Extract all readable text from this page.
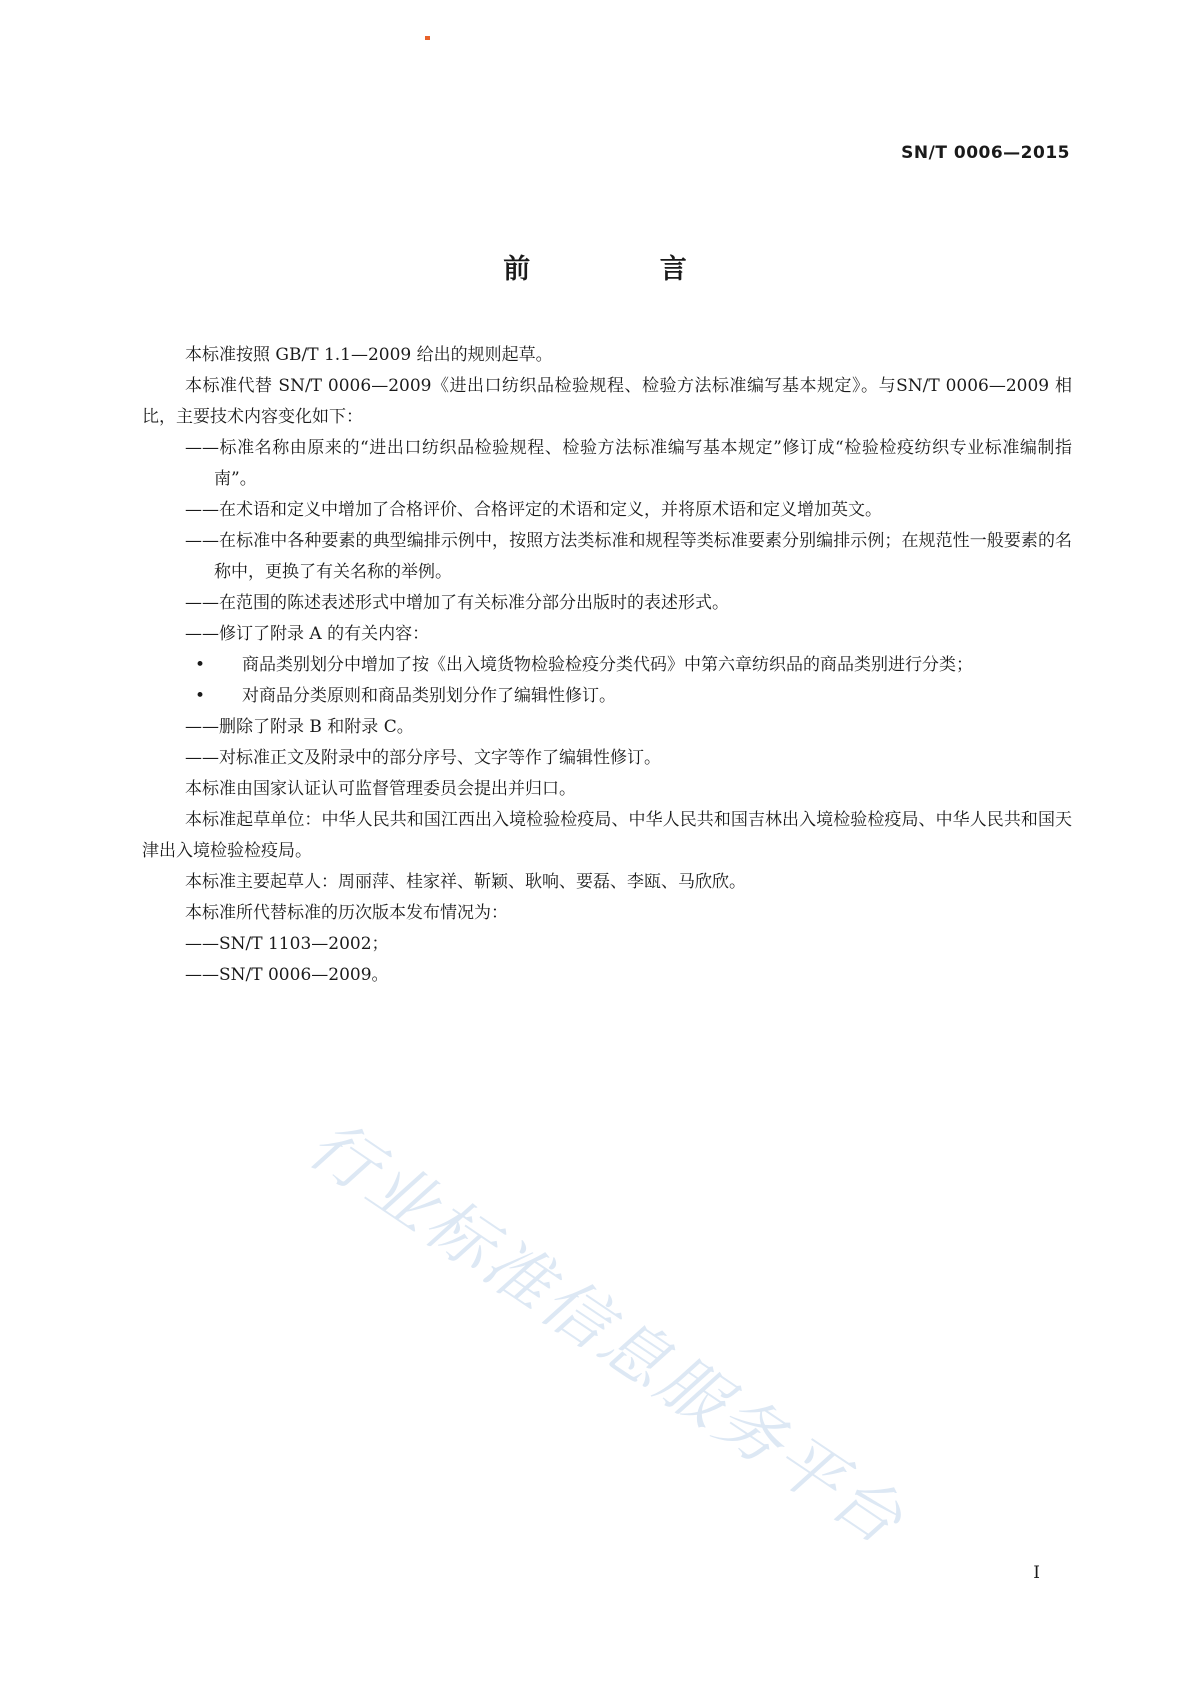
SN/T 0006—2015

前 言

本标准按照 GB/T 1.1—2009 给出的规则起草。

本标准代替 SN/T 0006—2009《进出口纺织品检验规程、检验方法标准编写基本规定》。与SN/T 0006—2009 相比，主要技术内容变化如下：

——标准名称由原来的“进出口纺织品检验规程、检验方法标准编写基本规定”修订成“检验检疫纺织专业标准编制指南”。

——在术语和定义中增加了合格评价、合格评定的术语和定义，并将原术语和定义增加英文。

——在标准中各种要素的典型编排示例中，按照方法类标准和规程等类标准要素分别编排示例；在规范性一般要素的名称中，更换了有关名称的举例。

——在范围的陈述表述形式中增加了有关标准分部分出版时的表述形式。

——修订了附录 A 的有关内容：

• 商品类别划分中增加了按《出入境货物检验检疫分类代码》中第六章纺织品的商品类别进行分类；

• 对商品分类原则和商品类别划分作了编辑性修订。

——删除了附录 B 和附录 C。

——对标准正文及附录中的部分序号、文字等作了编辑性修订。

本标准由国家认证认可监督管理委员会提出并归口。

本标准起草单位：中华人民共和国江西出入境检验检疫局、中华人民共和国吉林出入境检验检疫局、中华人民共和国天津出入境检验检疫局。

本标准主要起草人：周丽萍、桂家祥、靳颖、耿响、要磊、李瓯、马欣欣。

本标准所代替标准的历次版本发布情况为：

——SN/T 1103—2002；

——SN/T 0006—2009。

行业标准信息服务平台

I
